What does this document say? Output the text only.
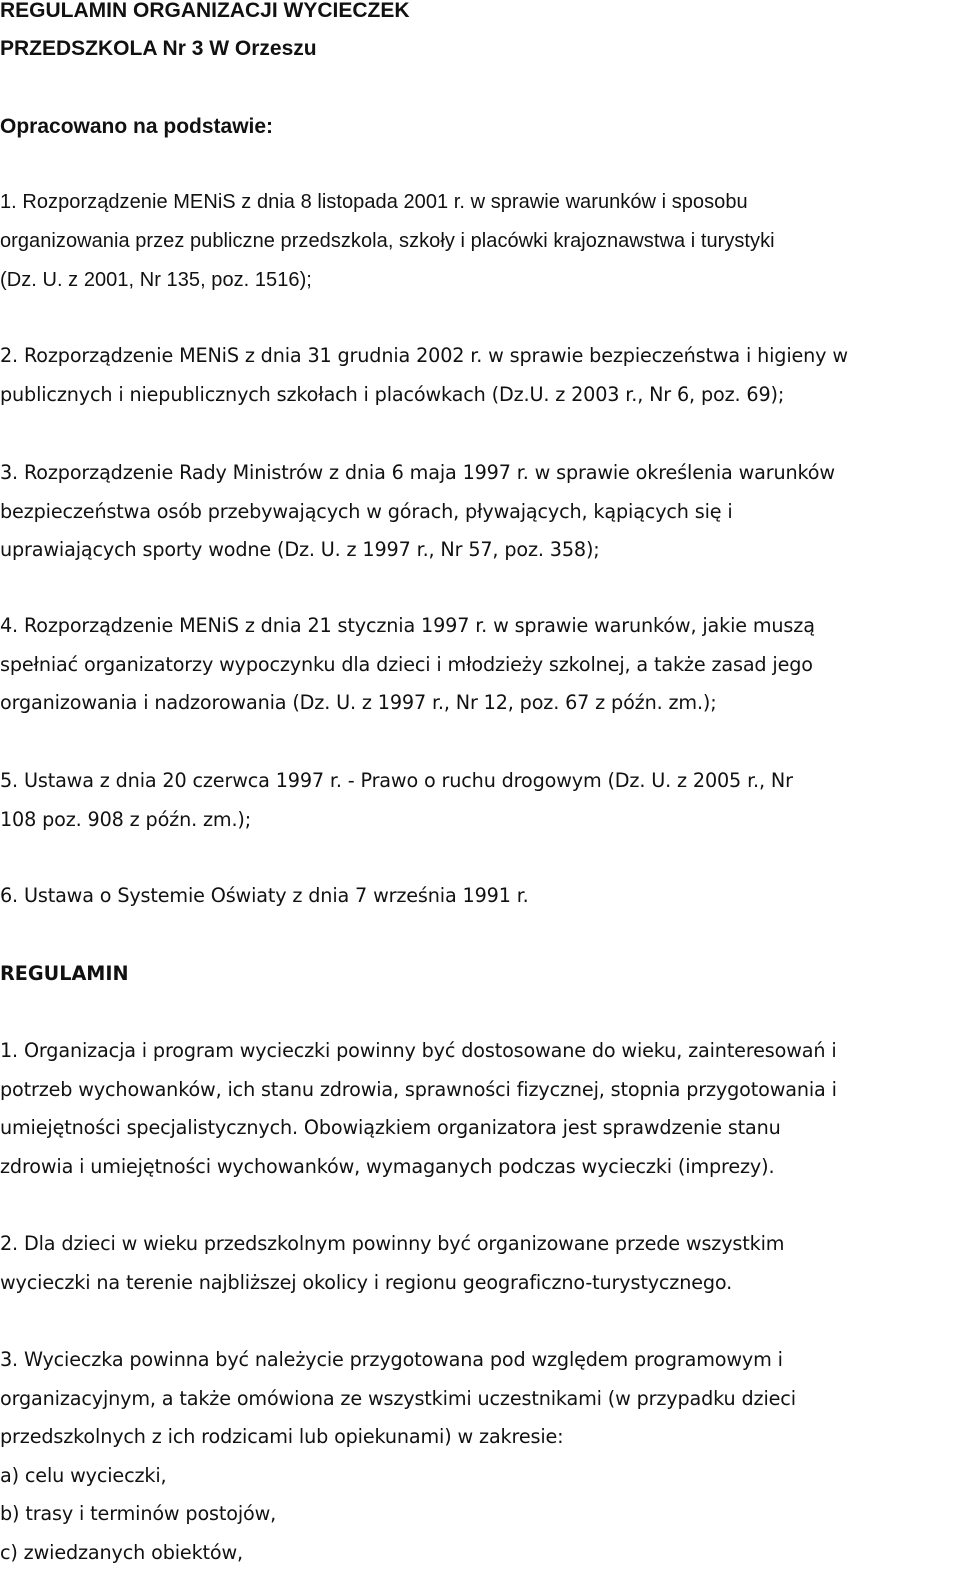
REGULAMIN ORGANIZACJI WYCIECZEK
PRZEDSZKOLA Nr 3 W Orzeszu
Opracowano na podstawie:
1. Rozporządzenie MENiS z dnia 8 listopada 2001 r. w sprawie warunków i sposobu
organizowania przez publiczne przedszkola, szkoły i placówki krajoznawstwa i turystyki
(Dz. U. z 2001, Nr 135, poz. 1516);
2. Rozporządzenie MENiS z dnia 31 grudnia 2002 r. w sprawie bezpieczeństwa i higieny w
publicznych i niepublicznych szkołach i placówkach (Dz.U. z 2003 r., Nr 6, poz. 69);
3. Rozporządzenie Rady Ministrów z dnia 6 maja 1997 r. w sprawie określenia warunków
bezpieczeństwa osób przebywających w górach, pływających, kąpiących się i
uprawiających sporty wodne (Dz. U. z 1997 r., Nr 57, poz. 358);
4. Rozporządzenie MENiS z dnia 21 stycznia 1997 r. w sprawie warunków, jakie muszą
spełniać organizatorzy wypoczynku dla dzieci i młodzieży szkolnej, a także zasad jego
organizowania i nadzorowania (Dz. U. z 1997 r., Nr 12, poz. 67 z późn. zm.);
5. Ustawa z dnia 20 czerwca 1997 r. - Prawo o ruchu drogowym (Dz. U. z 2005 r., Nr
108 poz. 908 z późn. zm.);
6. Ustawa o Systemie Oświaty z dnia 7 września 1991 r.
REGULAMIN
1. Organizacja i program wycieczki powinny być dostosowane do wieku, zainteresowań i
potrzeb wychowanków, ich stanu zdrowia, sprawności fizycznej, stopnia przygotowania i
umiejętności specjalistycznych. Obowiązkiem organizatora jest sprawdzenie stanu
zdrowia i umiejętności wychowanków, wymaganych podczas wycieczki (imprezy).
2. Dla dzieci w wieku przedszkolnym powinny być organizowane przede wszystkim
wycieczki na terenie najbliższej okolicy i regionu geograficzno-turystycznego.
3. Wycieczka powinna być należycie przygotowana pod względem programowym i
organizacyjnym, a także omówiona ze wszystkimi uczestnikami (w przypadku dzieci
przedszkolnych z ich rodzicami lub opiekunami) w zakresie:
a) celu wycieczki,
b) trasy i terminów postojów,
c) zwiedzanych obiektów,
